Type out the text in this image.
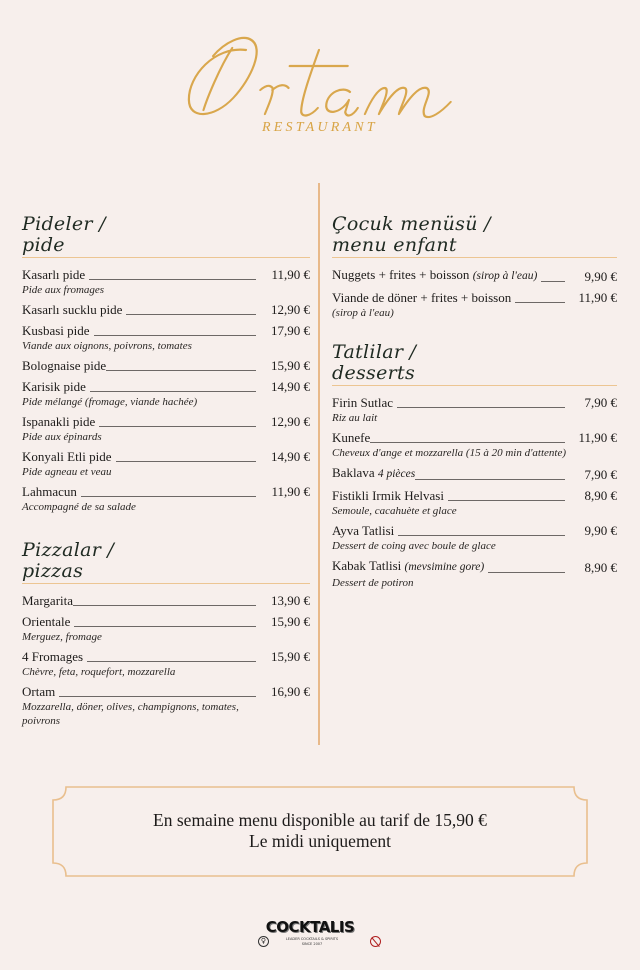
RESTAURANT
Pideler /
pide
Kasarlı pide	11,90 €
Pide aux fromages
Kasarlı sucklu pide	12,90 €
Kusbasi pide	17,90 €
Viande aux oignons, poivrons, tomates
Bolognaise pide	15,90 €
Karisik pide	14,90 €
Pide mélangé (fromage, viande hachée)
Ispanakli pide	12,90 €
Pide aux épinards
Konyali Etli pide	14,90 €
Pide agneau et veau
Lahmacun	11,90 €
Accompagné de sa salade
Pizzalar /
pizzas
Margarita	13,90 €
Orientale	15,90 €
Merguez, fromage
4 Fromages	15,90 €
Chèvre, feta, roquefort, mozzarella
Ortam	16,90 €
Mozzarella, döner, olives, champignons, tomates, poivrons
Çocuk menüsü /
menu enfant
Nuggets + frites + boisson (sirop à l'eau)	9,90 €
Viande de döner + frites + boisson	11,90 €
(sirop à l'eau)
Tatlilar /
desserts
Firin Sutlac	7,90 €
Riz au lait
Kunefe	11,90 €
Cheveux d'ange et mozzarella (15 à 20 min d'attente)
Baklava 4 pièces	7,90 €
Fistikli Irmik Helvasi	8,90 €
Semoule, cacahuète et glace
Ayva Tatlisi	9,90 €
Dessert de coing avec boule de glace
Kabak Tatlisi (mevsimine gore)	8,90 €
Dessert de potiron
En semaine menu disponible au tarif de 15,90 €
Le midi uniquement
♀
COCKTALIS
LEADER COCKTAILS & SPIRITS
SINCE 2007
